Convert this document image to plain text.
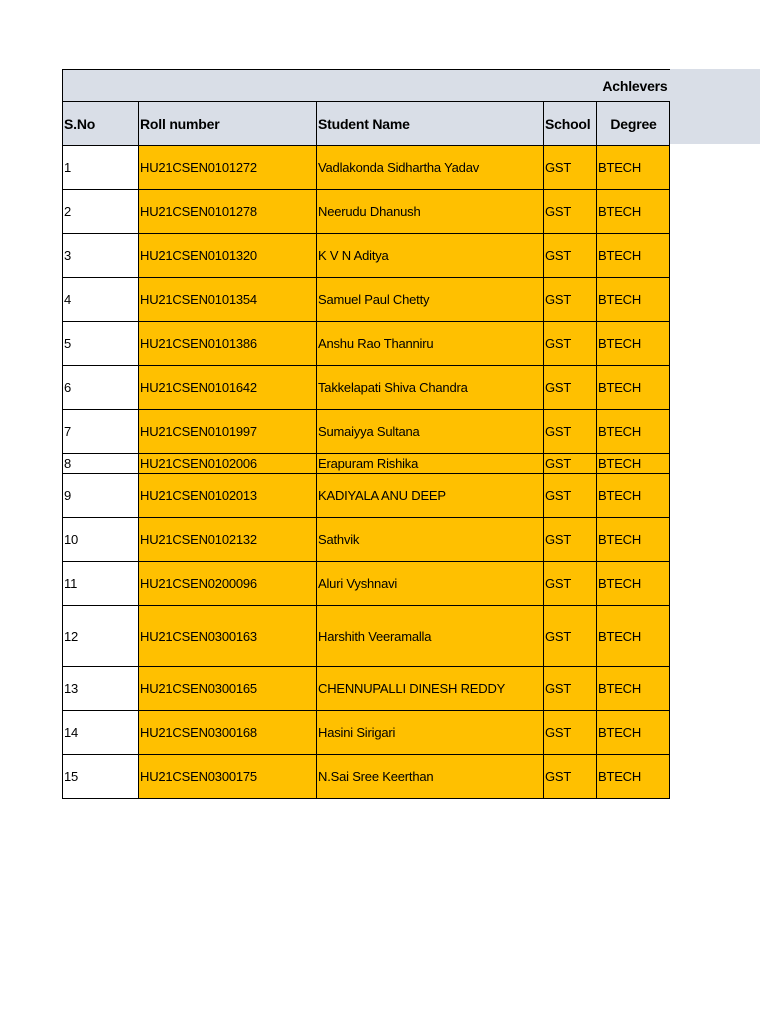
Achlevers				
S.No	Roll number	Student Name	School	Degree
1	HU21CSEN0101272	Vadlakonda Sidhartha Yadav	GST	BTECH
2	HU21CSEN0101278	Neerudu Dhanush	GST	BTECH
3	HU21CSEN0101320	K V N Aditya	GST	BTECH
4	HU21CSEN0101354	Samuel Paul Chetty	GST	BTECH
5	HU21CSEN0101386	Anshu Rao Thanniru	GST	BTECH
6	HU21CSEN0101642	Takkelapati Shiva Chandra	GST	BTECH
7	HU21CSEN0101997	Sumaiyya Sultana	GST	BTECH
8	HU21CSEN0102006	Erapuram Rishika	GST	BTECH
9	HU21CSEN0102013	KADIYALA ANU DEEP	GST	BTECH
10	HU21CSEN0102132	Sathvik	GST	BTECH
11	HU21CSEN0200096	Aluri Vyshnavi	GST	BTECH
12	HU21CSEN0300163	Harshith Veeramalla	GST	BTECH
13	HU21CSEN0300165	CHENNUPALLI DINESH REDDY	GST	BTECH
14	HU21CSEN0300168	Hasini Sirigari	GST	BTECH
15	HU21CSEN0300175	N.Sai Sree Keerthan	GST	BTECH
